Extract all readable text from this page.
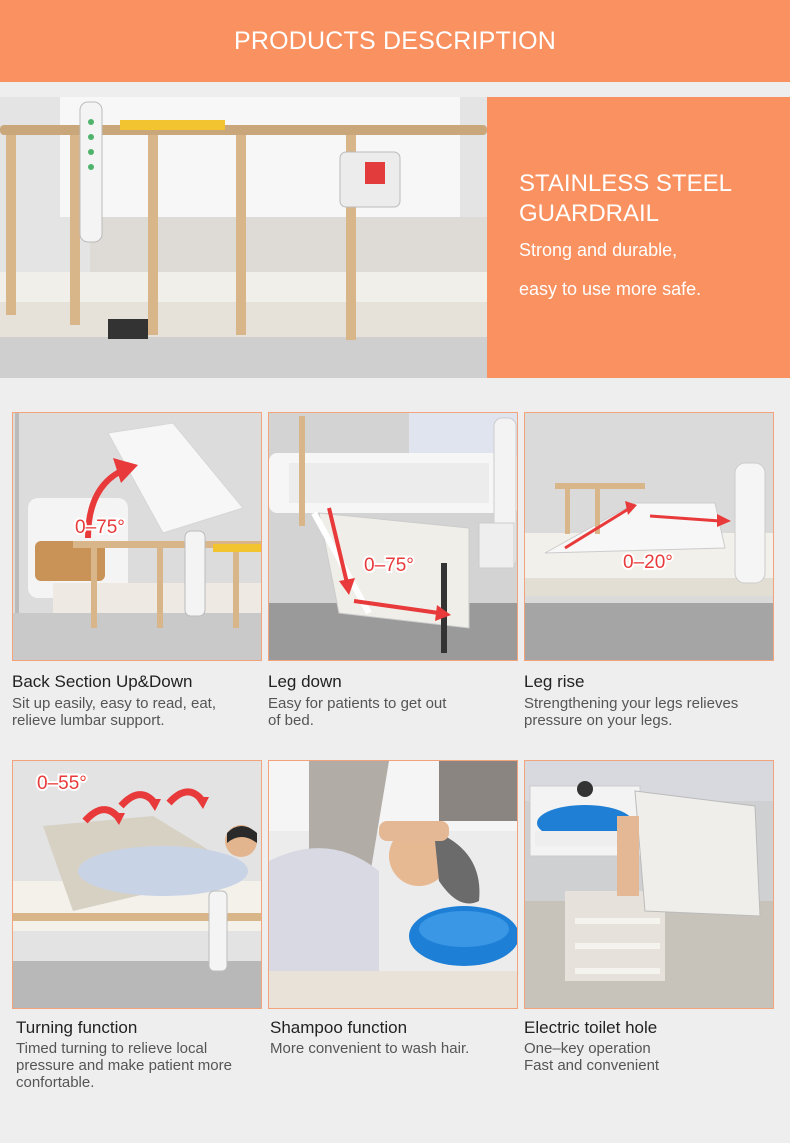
PRODUCTS DESCRIPTION
STAINLESS STEEL
GUARDRAIL
Strong and durable,
easy to use more safe.
0–75°
Back Section Up&Down
Sit up easily, easy to read, eat,
relieve lumbar support.
0–75°
Leg down
Easy for patients to get out
of bed.
0–20°
Leg rise
Strengthening your legs relieves
pressure on your legs.
0–55°
Turning function
Timed turning to relieve local
pressure and make patient more
confortable.
Shampoo function
More convenient to wash hair.
Electric toilet hole
One–key operation
Fast and convenient
